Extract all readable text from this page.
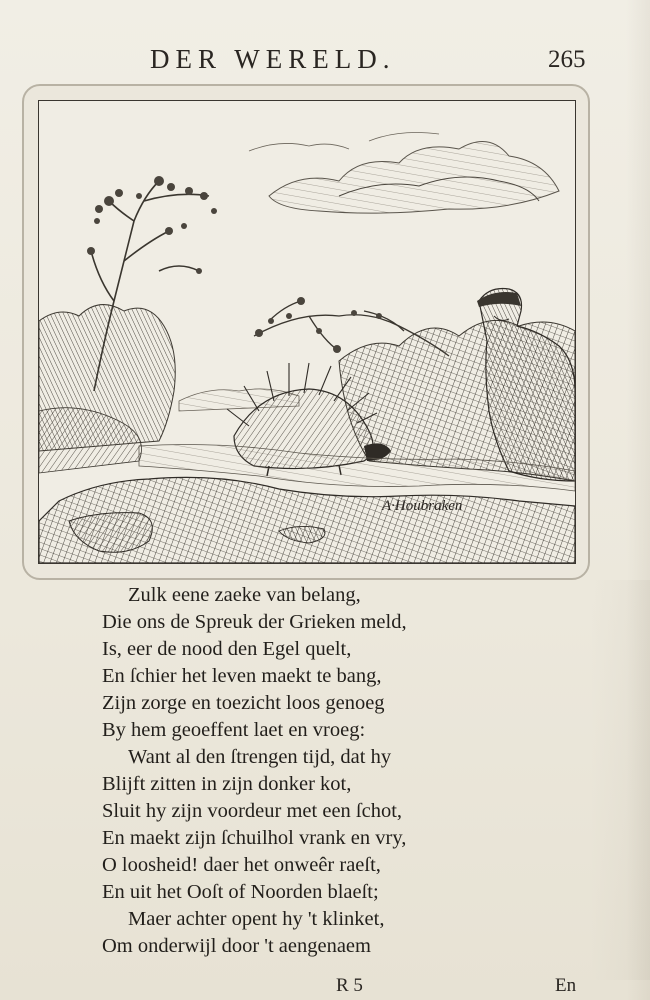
DER WERELD.	265
A·Houbraken
Zulk eene zaeke van belang,
Die ons de Spreuk der Grieken meld,
Is, eer de nood den Egel quelt,
En ſchier het leven maekt te bang,
Zijn zorge en toezicht loos genoeg
By hem geoeffent laet en vroeg:
Want al den ſtrengen tijd, dat hy
Blijft zitten in zijn donker kot,
Sluit hy zijn voordeur met een ſchot,
En maekt zijn ſchuilhol vrank en vry,
O loosheid! daer het onweêr raeſt,
En uit het Ooſt of Noorden blaeſt;
Maer achter opent hy 't klinket,
Om onderwijl door 't aengenaem
R 5	En
